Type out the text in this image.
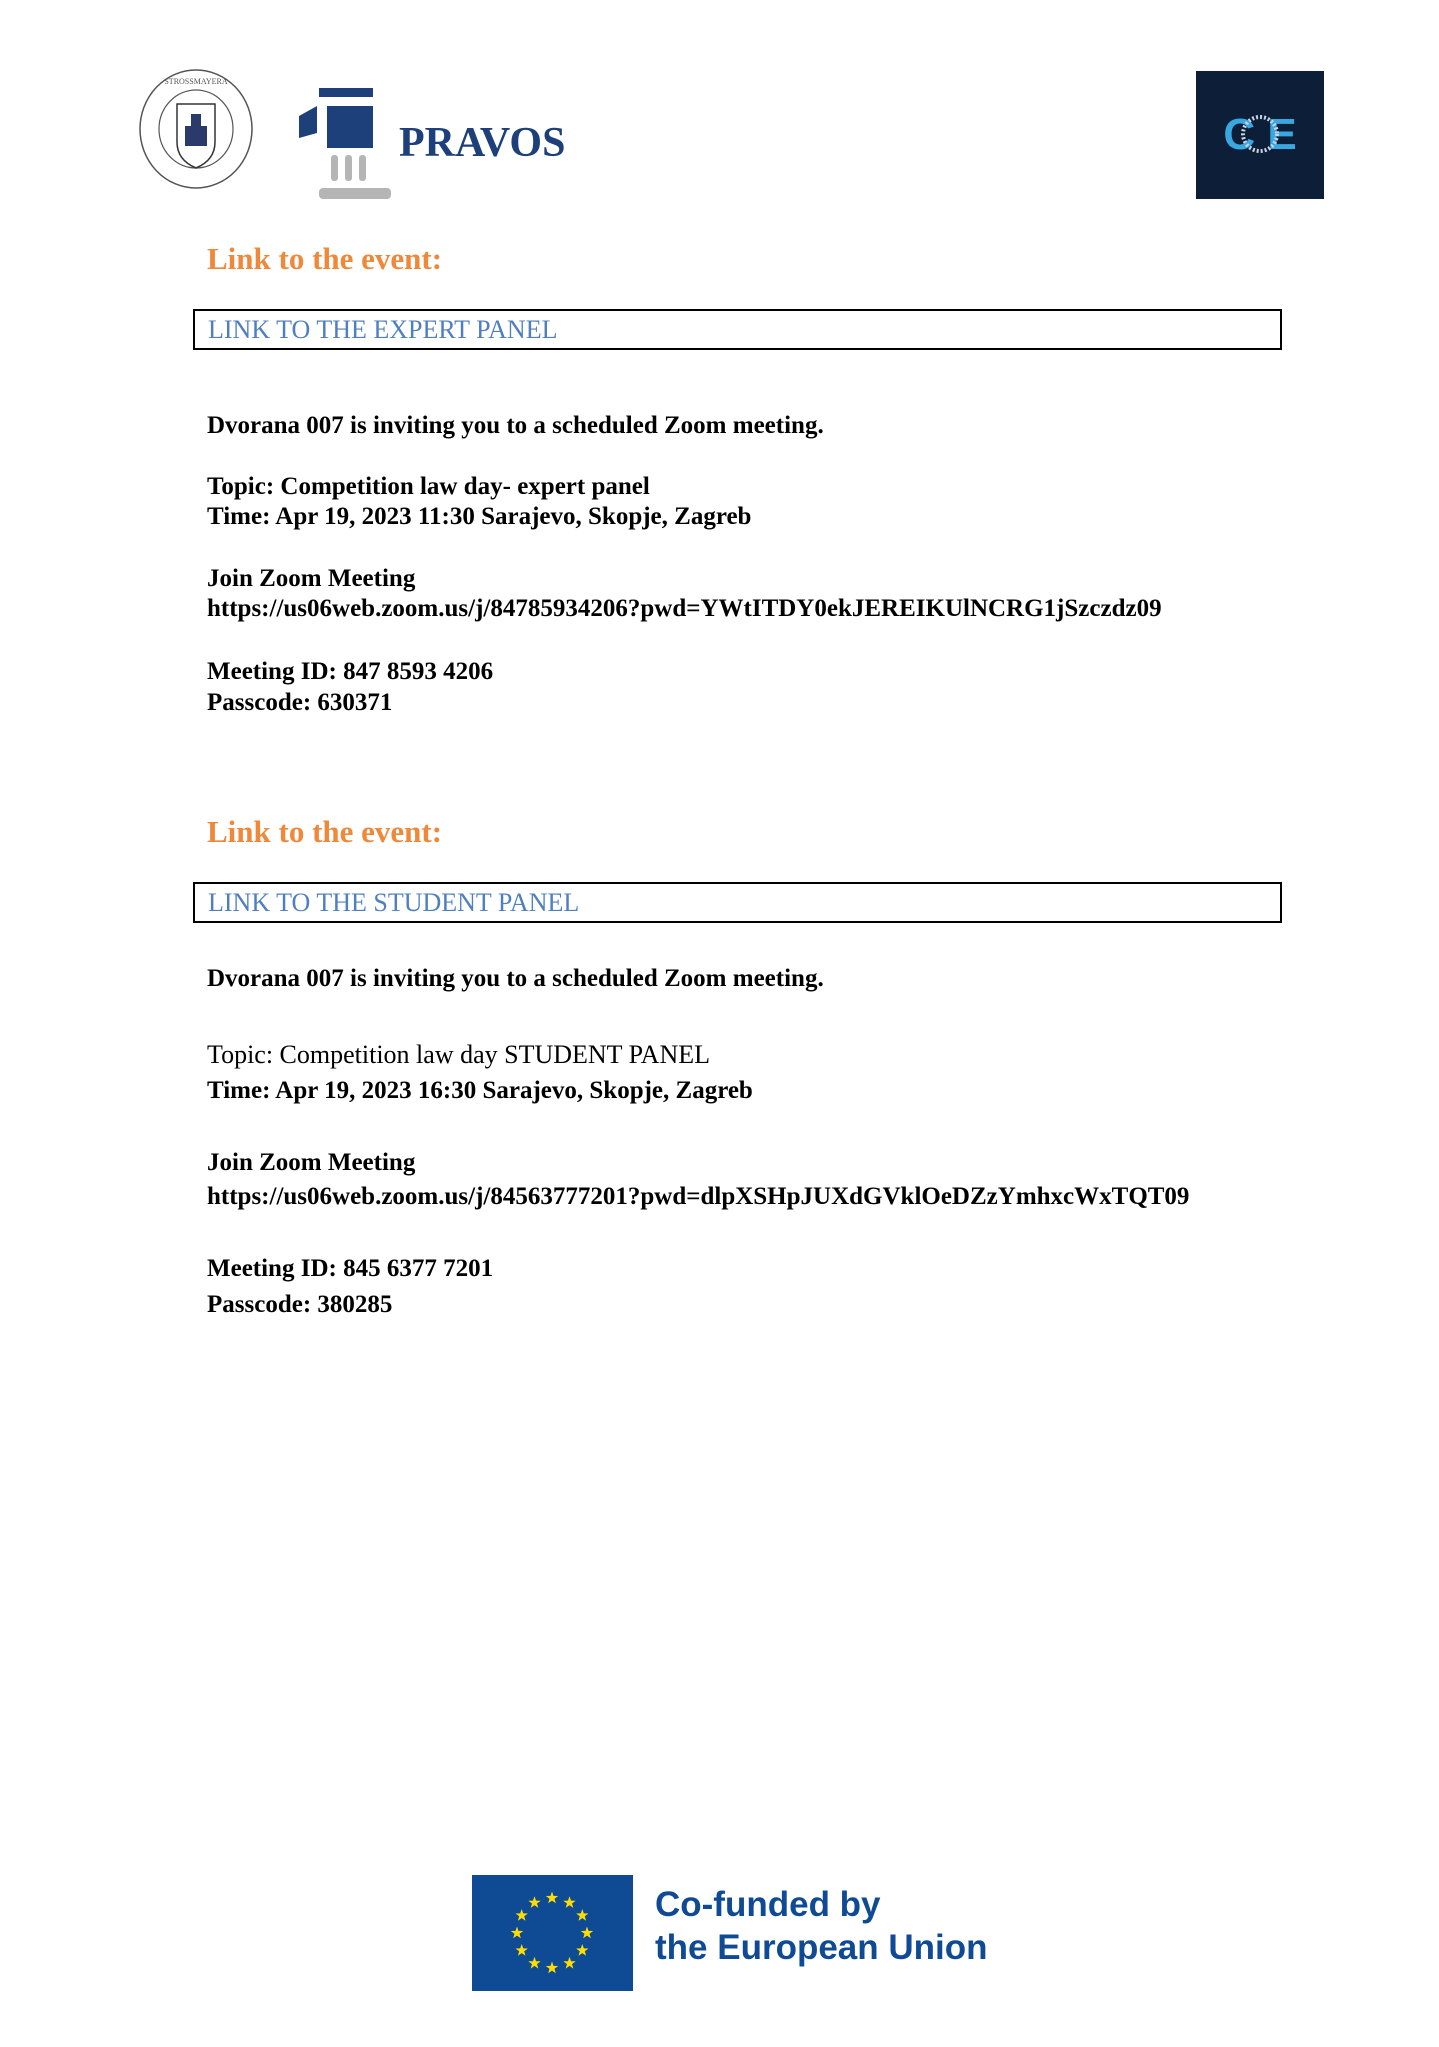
STROSSMAYERA
PRAVOS	C E
Link to the event:
LINK TO THE EXPERT PANEL
Dvorana 007 is inviting you to a scheduled Zoom meeting.
Topic: Competition law day- expert panel
Time: Apr 19, 2023 11:30 Sarajevo, Skopje, Zagreb
Join Zoom Meeting
https://us06web.zoom.us/j/84785934206?pwd=YWtITDY0ekJEREIKUlNCRG1jSzczdz09
Meeting ID: 847 8593 4206
Passcode: 630371
Link to the event:
LINK TO THE STUDENT PANEL
Dvorana 007 is inviting you to a scheduled Zoom meeting.
Topic: Competition law day STUDENT PANEL
Time: Apr 19, 2023 16:30 Sarajevo, Skopje, Zagreb
Join Zoom Meeting
https://us06web.zoom.us/j/84563777201?pwd=dlpXSHpJUXdGVklOeDZzYmhxcWxTQT09
Meeting ID: 845 6377 7201
Passcode: 380285
Co-funded by
the European Union
